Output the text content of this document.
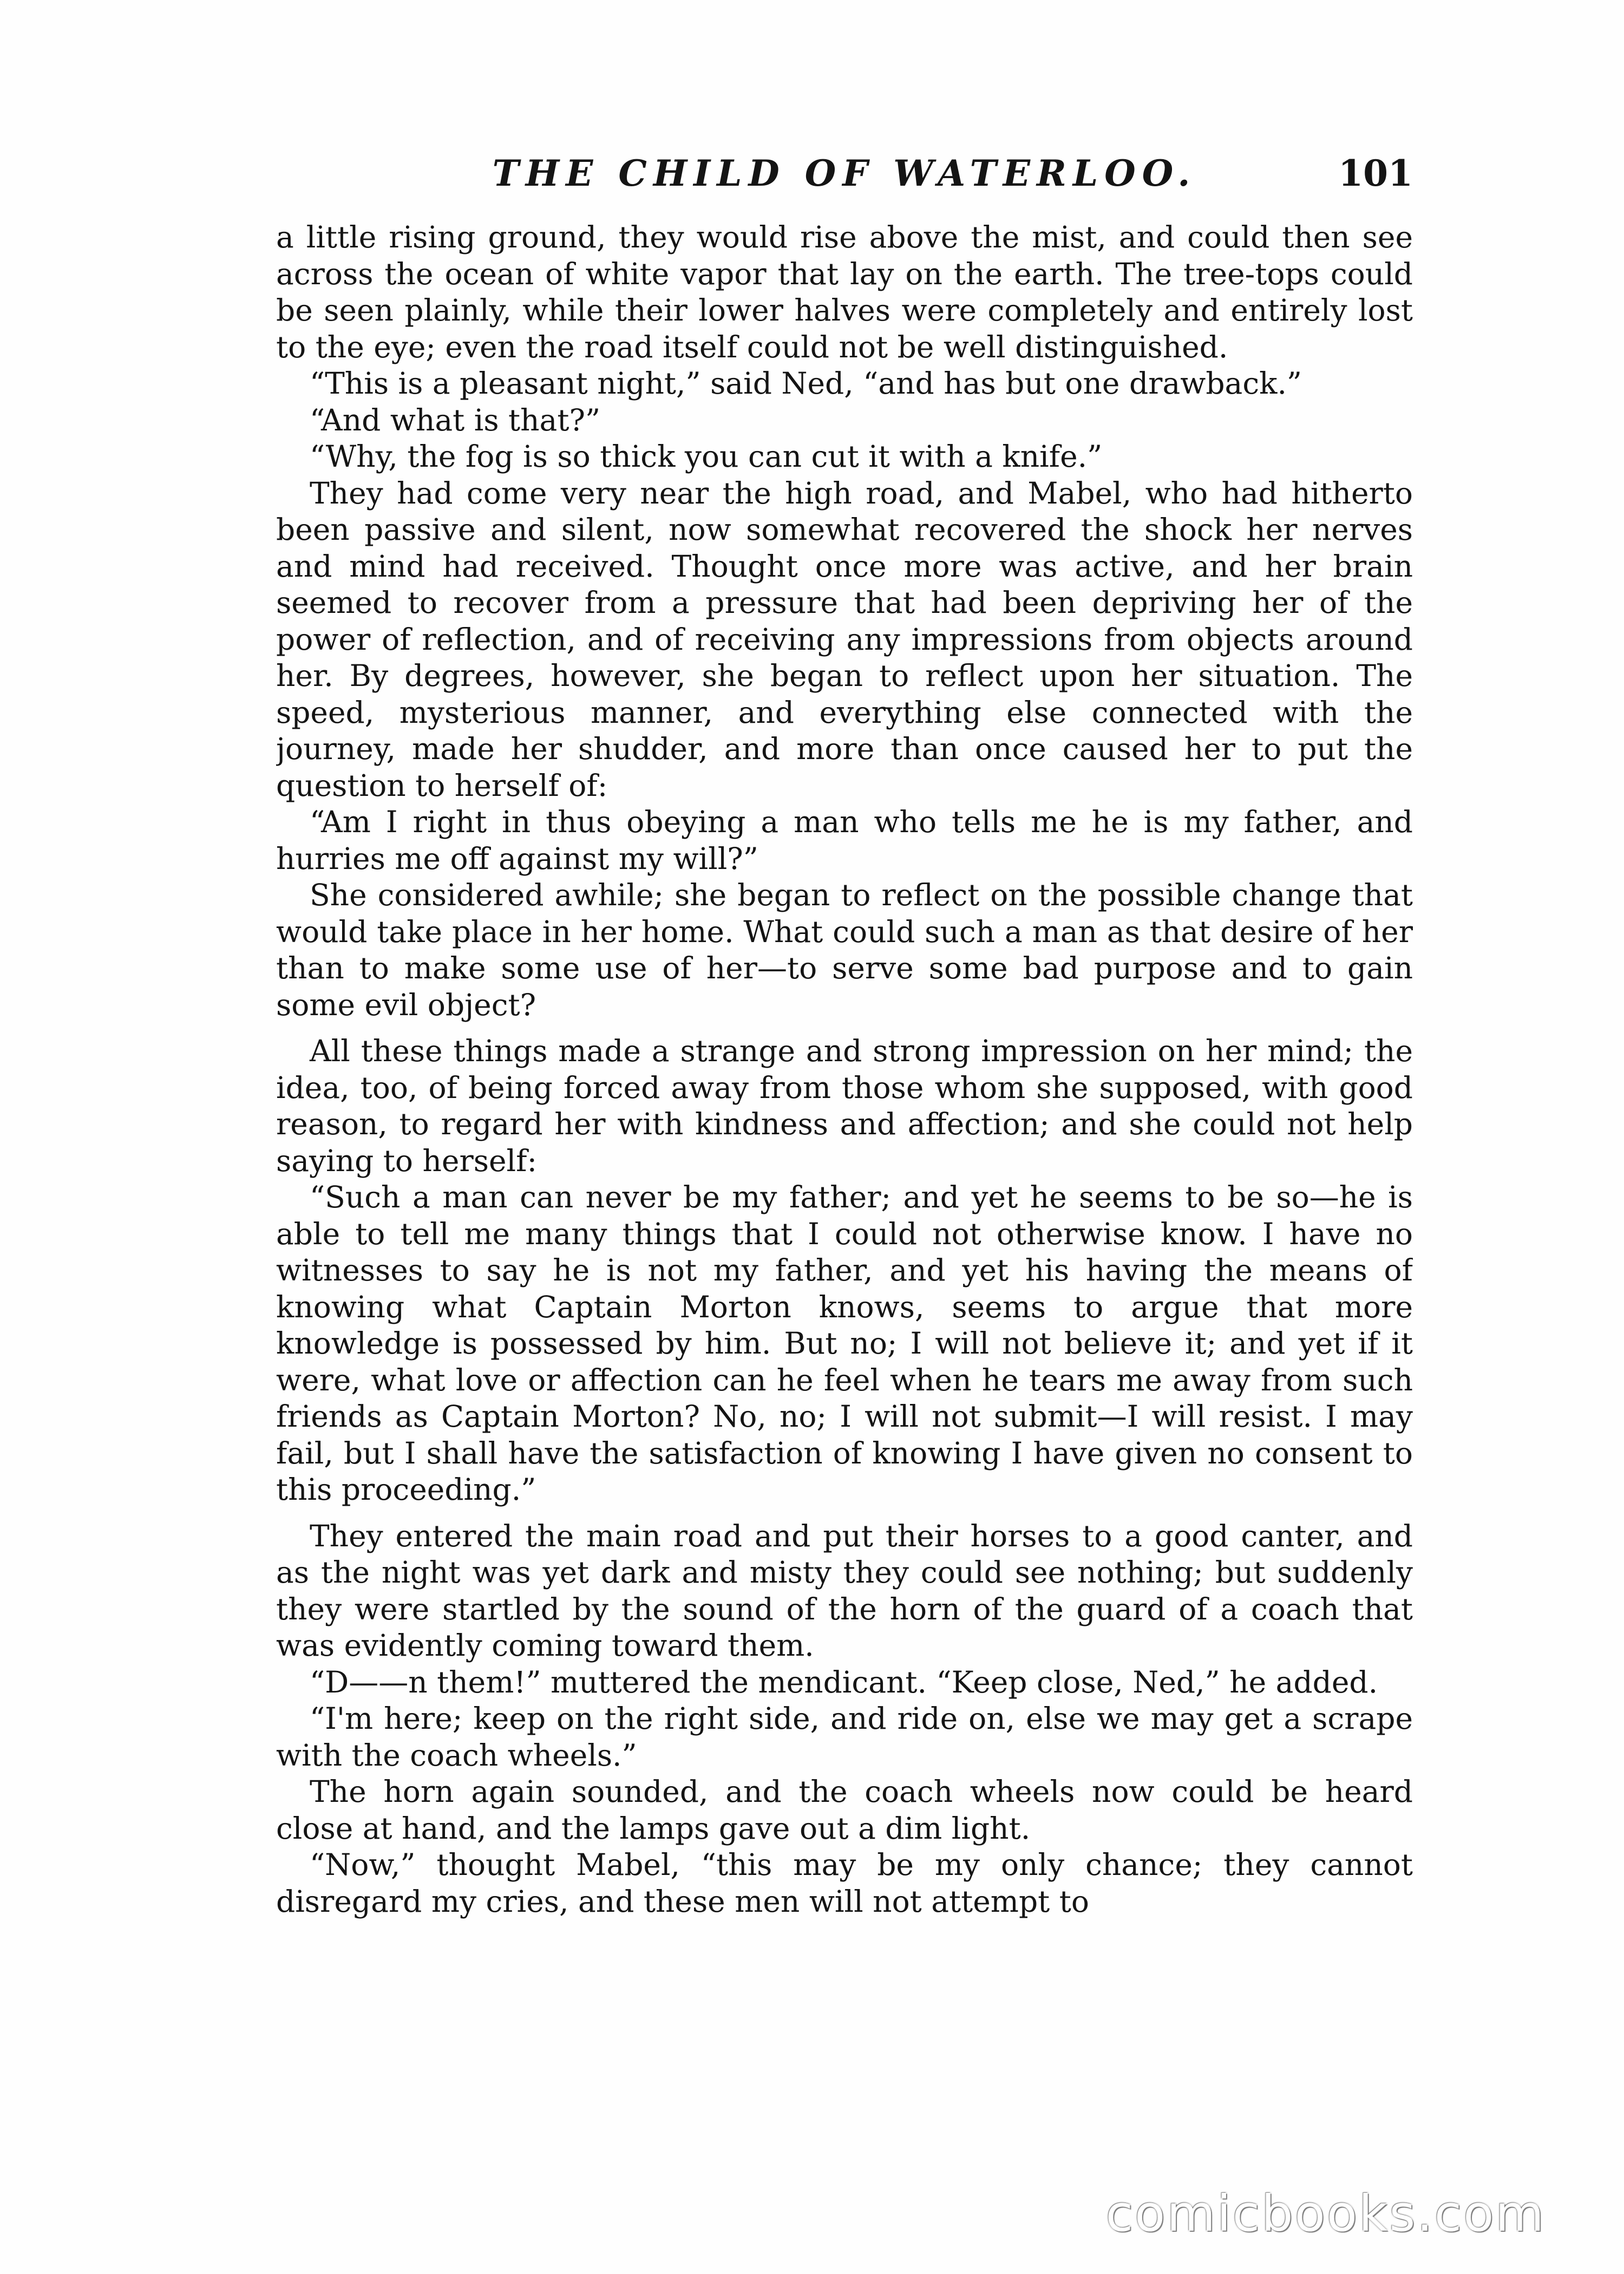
THE CHILD OF WATERLOO.	101

a little rising ground, they would rise above the mist, and could then see across the ocean of white vapor that lay on the earth. The tree-tops could be seen plainly, while their lower halves were completely and entirely lost to the eye; even the road itself could not be well distinguished.

“This is a pleasant night,” said Ned, “and has but one drawback.”

“And what is that?”

“Why, the fog is so thick you can cut it with a knife.”

They had come very near the high road, and Mabel, who had hitherto been passive and silent, now somewhat recovered the shock her nerves and mind had received. Thought once more was active, and her brain seemed to recover from a pressure that had been depriving her of the power of reflection, and of receiving any impressions from objects around her. By degrees, however, she began to reflect upon her situation. The speed, mysterious manner, and everything else connected with the journey, made her shudder, and more than once caused her to put the question to herself of:

“Am I right in thus obeying a man who tells me he is my father, and hurries me off against my will?”

She considered awhile; she began to reflect on the possible change that would take place in her home. What could such a man as that desire of her than to make some use of her—to serve some bad purpose and to gain some evil object?

All these things made a strange and strong impression on her mind; the idea, too, of being forced away from those whom she supposed, with good reason, to regard her with kindness and affection; and she could not help saying to herself:

“Such a man can never be my father; and yet he seems to be so—he is able to tell me many things that I could not otherwise know. I have no witnesses to say he is not my father, and yet his having the means of knowing what Captain Morton knows, seems to argue that more knowledge is possessed by him. But no; I will not believe it; and yet if it were, what love or affection can he feel when he tears me away from such friends as Captain Morton? No, no; I will not submit—I will resist. I may fail, but I shall have the satisfaction of knowing I have given no consent to this proceeding.”

They entered the main road and put their horses to a good canter, and as the night was yet dark and misty they could see nothing; but suddenly they were startled by the sound of the horn of the guard of a coach that was evidently coming toward them.

“D——n them!” muttered the mendicant. “Keep close, Ned,” he added.

“I'm here; keep on the right side, and ride on, else we may get a scrape with the coach wheels.”

The horn again sounded, and the coach wheels now could be heard close at hand, and the lamps gave out a dim light.

“Now,” thought Mabel, “this may be my only chance; they cannot disregard my cries, and these men will not attempt to

comicbooks.com
